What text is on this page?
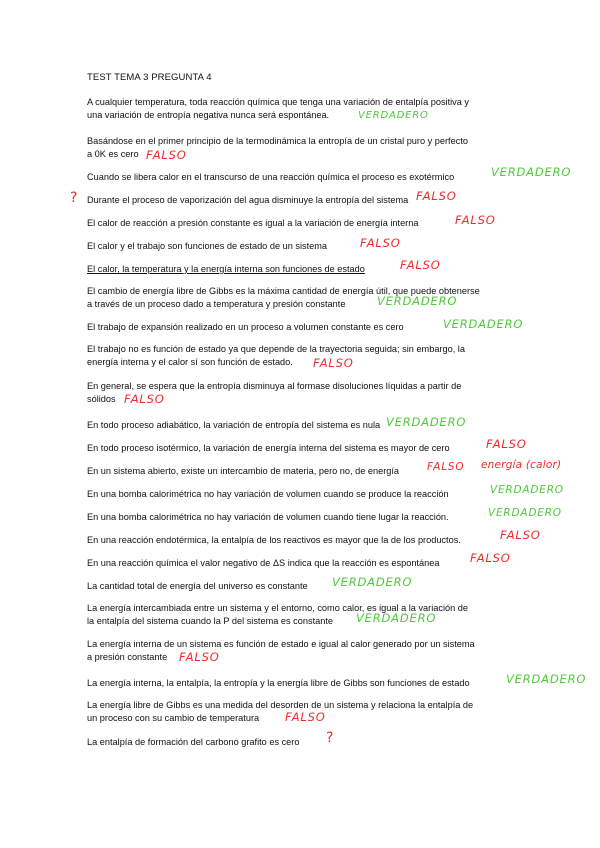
TEST TEMA 3 PREGUNTA 4
A cualquier temperatura, toda reacción química que tenga una variación de entalpía positiva y
una variación de entropía negativa nunca será espontánea.	VERDADERO
Basándose en el primer principio de la termodinámica la entropía de un cristal puro y perfecto
a 0K es cero FALSO
Cuando se libera calor en el transcurso de una reacción química el proceso es exotérmico	VERDADERO
? Durante el proceso de vaporización del agua disminuye la entropía del sistema FALSO
El calor de reacción a presión constante es igual a la variación de energía interna	FALSO
El calor y el trabajo son funciones de estado de un sistema	FALSO
El calor, la temperatura y la energía interna son funciones de estado	FALSO
El cambio de energía libre de Gibbs es la máxima cantidad de energía útil, que puede obtenerse
a través de un proceso dado a temperatura y presión constante	VERDADERO
El trabajo de expansión realizado en un proceso a volumen constante es cero	VERDADERO
El trabajo no es función de estado ya que depende de la trayectoria seguida; sin embargo, la
energía interna y el calor sí son función de estado.	FALSO
En general, se espera que la entropía disminuya al formase disoluciones líquidas a partir de
sólidos FALSO
En todo proceso adiabático, la variación de entropía del sistema es nula VERDADERO
En todo proceso isotérmico, la variación de energía interna del sistema es mayor de cero	FALSO
En un sistema abierto, existe un intercambio de materia, pero no, de energía	FALSO energía (calor)
En una bomba calorimétrica no hay variación de volumen cuando se produce la reacción	VERDADERO
En una bomba calorimétrica no hay variación de volumen cuando tiene lugar la reacción.	VERDADERO
En una reacción endotérmica, la entalpía de los reactivos es mayor que la de los productos.	FALSO
En una reacción química el valor negativo de ΔS indica que la reacción es espontánea	FALSO
La cantidad total de energía del universo es constante	VERDADERO
La energía intercambiada entre un sistema y el entorno, como calor, es igual a la variación de
la entalpía del sistema cuando la P del sistema es constante	VERDADERO
La energía interna de un sistema es función de estado e igual al calor generado por un sistema
a presión constante	FALSO
La energía interna, la entalpía, la entropía y la energía libre de Gibbs son funciones de estado	VERDADERO
La energía libre de Gibbs es una medida del desorden de un sistema y relaciona la entalpía de
un proceso con su cambio de temperatura	FALSO
La entalpía de formación del carbono grafito es cero	?
